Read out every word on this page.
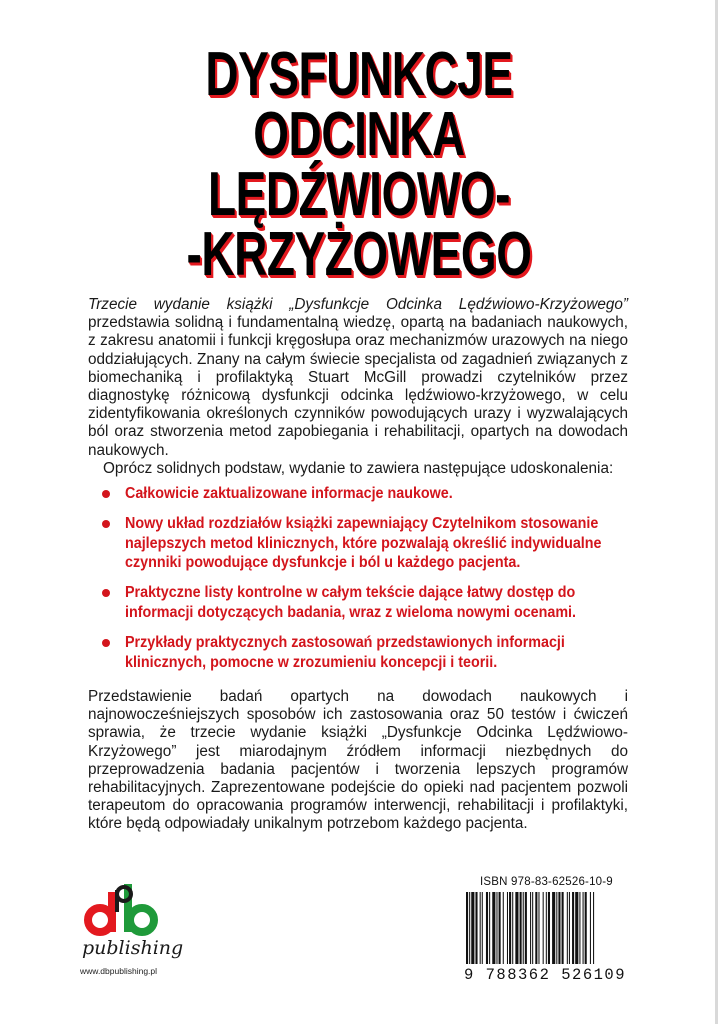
DYSFUNKCJE
ODCINKA
LĘDŹWIOWO-
-KRZYŻOWEGO

Trzecie wydanie książki „Dysfunkcje Odcinka Lędźwiowo-Krzyżowego” przedstawia solidną i fundamentalną wiedzę, opartą na badaniach naukowych, z zakresu anatomii i funkcji kręgosłupa oraz mechanizmów urazowych na niego oddziałujących. Znany na całym świecie specjalista od zagadnień związanych z biomechaniką i profilaktyką Stuart McGill prowadzi czytelników przez diagnostykę różnicową dysfunkcji odcinka lędźwiowo-krzyżowego, w celu zidentyfikowania określonych czynników powodujących urazy i wyzwalających ból oraz stworzenia metod zapobiegania i rehabilitacji, opartych na dowodach naukowych.

Oprócz solidnych podstaw, wydanie to zawiera następujące udoskonalenia:

Całkowicie zaktualizowane informacje naukowe.
Nowy układ rozdziałów książki zapewniający Czytelnikom stosowanie najlepszych metod klinicznych, które pozwalają określić indywidualne czynniki powodujące dysfunkcje i ból u każdego pacjenta.
Praktyczne listy kontrolne w całym tekście dające łatwy dostęp do informacji dotyczących badania, wraz z wieloma nowymi ocenami.
Przykłady praktycznych zastosowań przedstawionych informacji klinicznych, pomocne w zrozumieniu koncepcji i teorii.

Przedstawienie badań opartych na dowodach naukowych i najnowocześniejszych sposobów ich zastosowania oraz 50 testów i ćwiczeń sprawia, że trzecie wydanie książki „Dysfunkcje Odcinka Lędźwiowo-Krzyżowego” jest miarodajnym źródłem informacji niezbędnych do przeprowadzenia badania pacjentów i tworzenia lepszych programów rehabilitacyjnych. Zaprezentowane podejście do opieki nad pacjentem pozwoli terapeutom do opracowania programów interwencji, rehabilitacji i profilaktyki, które będą odpowiadały unikalnym potrzebom każdego pacjenta.

publishing
www.dbpublishing.pl
ISBN 978-83-62526-10-9
9 788362 526109
